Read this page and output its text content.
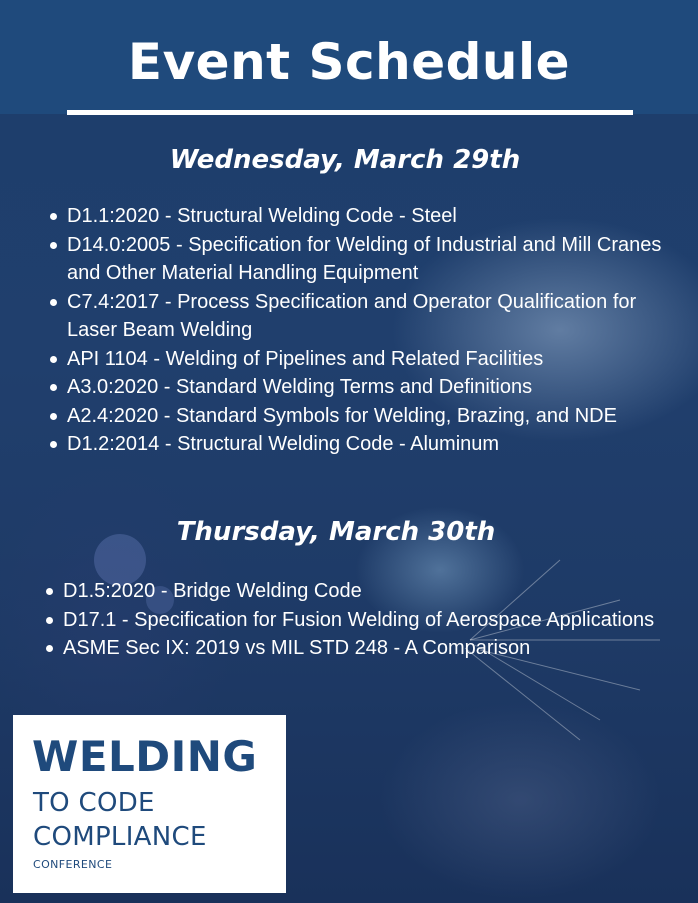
Event Schedule
Wednesday, March 29th
D1.1:2020 - Structural Welding Code - Steel
D14.0:2005 - Specification for Welding of Industrial and Mill Cranes and Other Material Handling Equipment
C7.4:2017 - Process Specification and Operator Qualification for Laser Beam Welding
API 1104 - Welding of Pipelines and Related Facilities
A3.0:2020 - Standard Welding Terms and Definitions
A2.4:2020 - Standard Symbols for Welding, Brazing, and NDE
D1.2:2014 - Structural Welding Code - Aluminum
Thursday, March 30th
D1.5:2020 - Bridge Welding Code
D17.1 - Specification for Fusion Welding of Aerospace Applications
ASME Sec IX: 2019 vs MIL STD 248 - A Comparison
WELDING
TO CODE
COMPLIANCE
CONFERENCE
